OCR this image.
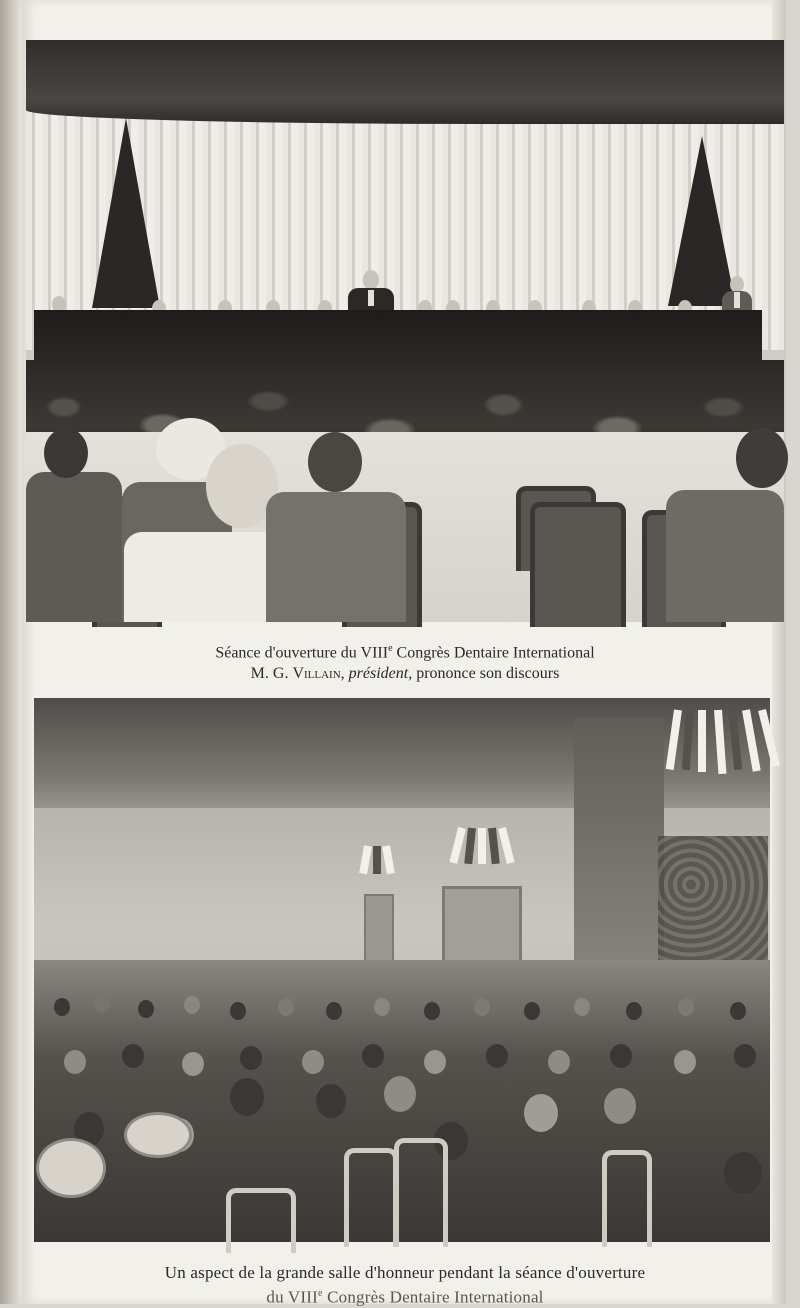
Séance d'ouverture du VIIIe Congrès Dentaire International
M. G. Villain, président, prononce son discours
Un aspect de la grande salle d'honneur pendant la séance d'ouverture
du VIIIe Congrès Dentaire International
